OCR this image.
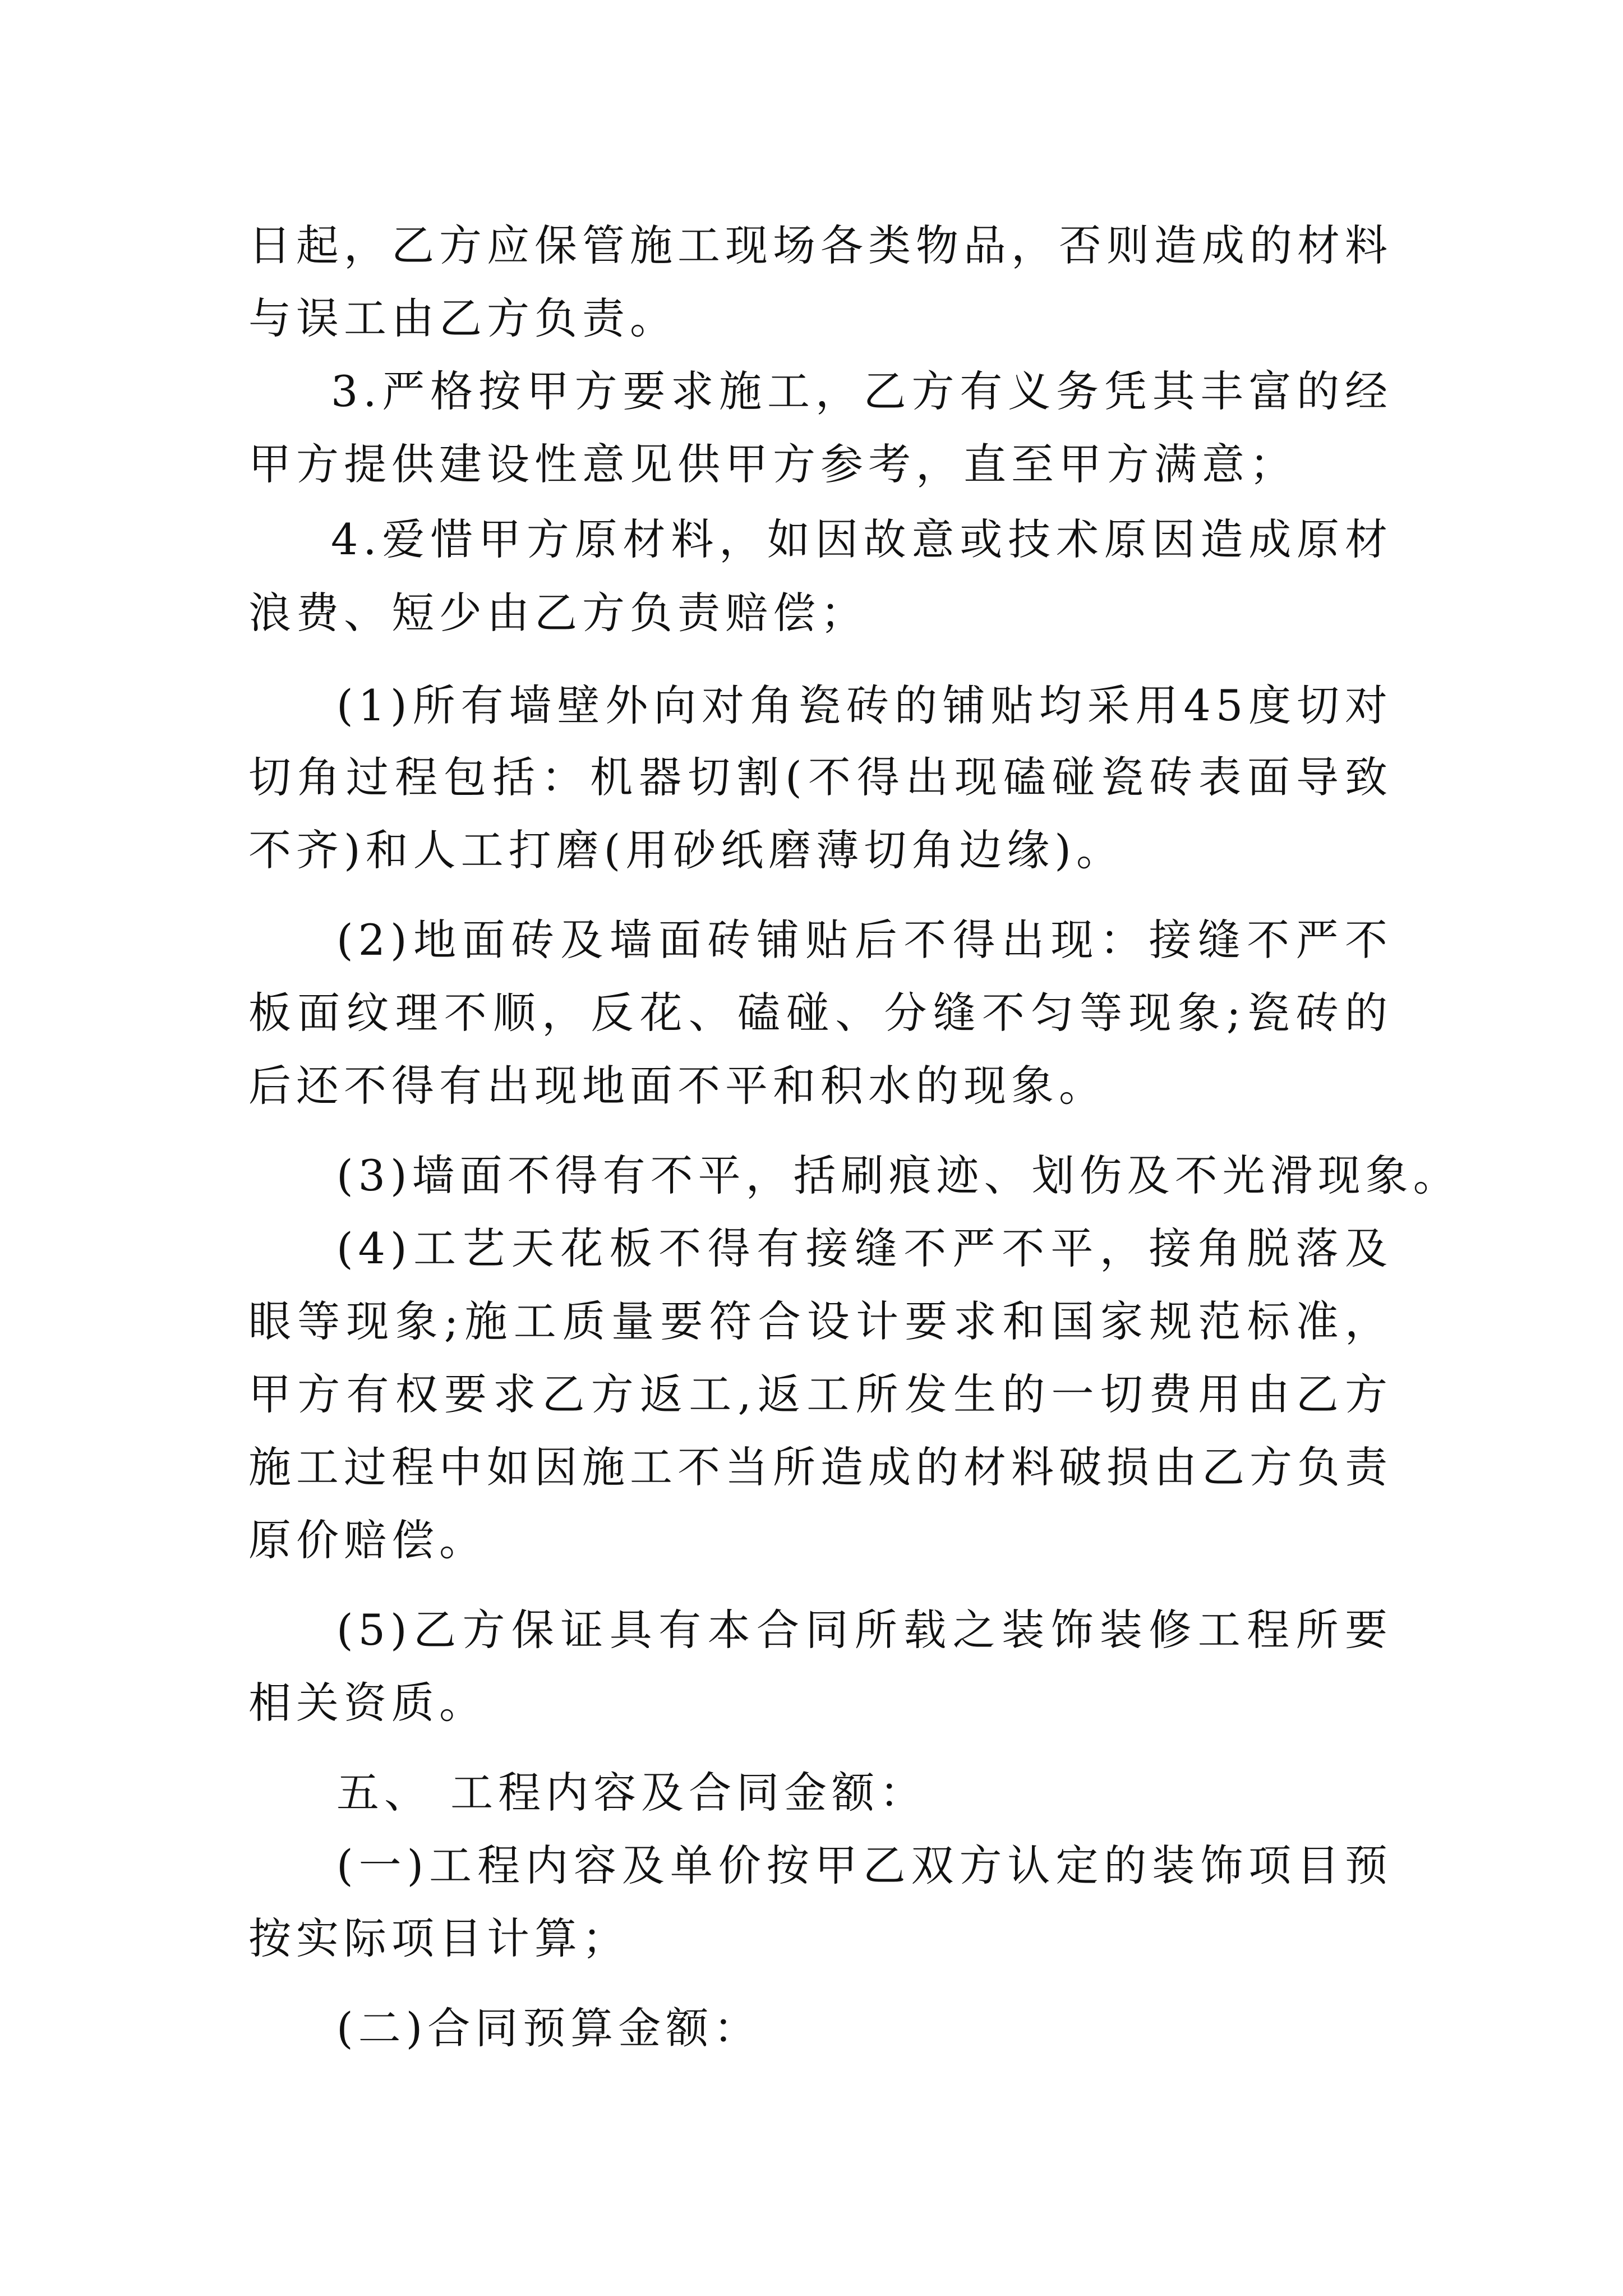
日起，乙方应保管施工现场各类物品，否则造成的材料
与误工由乙方负责。
3.严格按甲方要求施工，乙方有义务凭其丰富的经
甲方提供建设性意见供甲方参考，直至甲方满意；
4.爱惜甲方原材料，如因故意或技术原因造成原材
浪费、短少由乙方负责赔偿；
(1)所有墙壁外向对角瓷砖的铺贴均采用45度切对
切角过程包括：机器切割(不得出现磕碰瓷砖表面导致
不齐)和人工打磨(用砂纸磨薄切角边缘)。
(2)地面砖及墙面砖铺贴后不得出现：接缝不严不
板面纹理不顺，反花、磕碰、分缝不匀等现象;瓷砖的
后还不得有出现地面不平和积水的现象。
(3)墙面不得有不平，括刷痕迹、划伤及不光滑现象。
(4)工艺天花板不得有接缝不严不平，接角脱落及
眼等现象;施工质量要符合设计要求和国家规范标准，
甲方有权要求乙方返工,返工所发生的一切费用由乙方
施工过程中如因施工不当所造成的材料破损由乙方负责
原价赔偿。
(5)乙方保证具有本合同所载之装饰装修工程所要
相关资质。
五、 工程内容及合同金额：
(一)工程内容及单价按甲乙双方认定的装饰项目预
按实际项目计算；
(二)合同预算金额：
